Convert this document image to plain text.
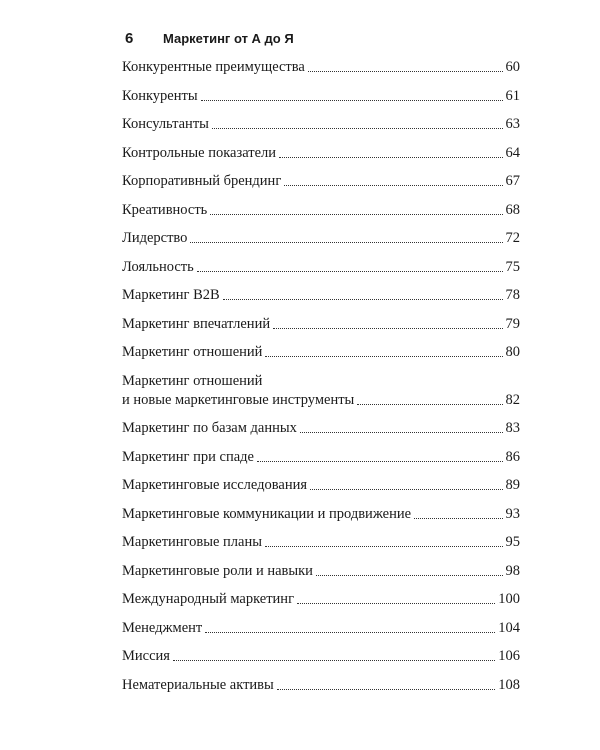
6	Маркетинг от А до Я
Конкурентные преимущества	60
Конкуренты	61
Консультанты	63
Контрольные показатели	64
Корпоративный брендинг	67
Креативность	68
Лидерство	72
Лояльность	75
Маркетинг B2B	78
Маркетинг впечатлений	79
Маркетинг отношений	80
Маркетинг отношений
и новые маркетинговые инструменты	82
Маркетинг по базам данных	83
Маркетинг при спаде	86
Маркетинговые исследования	89
Маркетинговые коммуникации и продвижение	93
Маркетинговые планы	95
Маркетинговые роли и навыки	98
Международный маркетинг	100
Менеджмент	104
Миссия	106
Нематериальные активы	108
